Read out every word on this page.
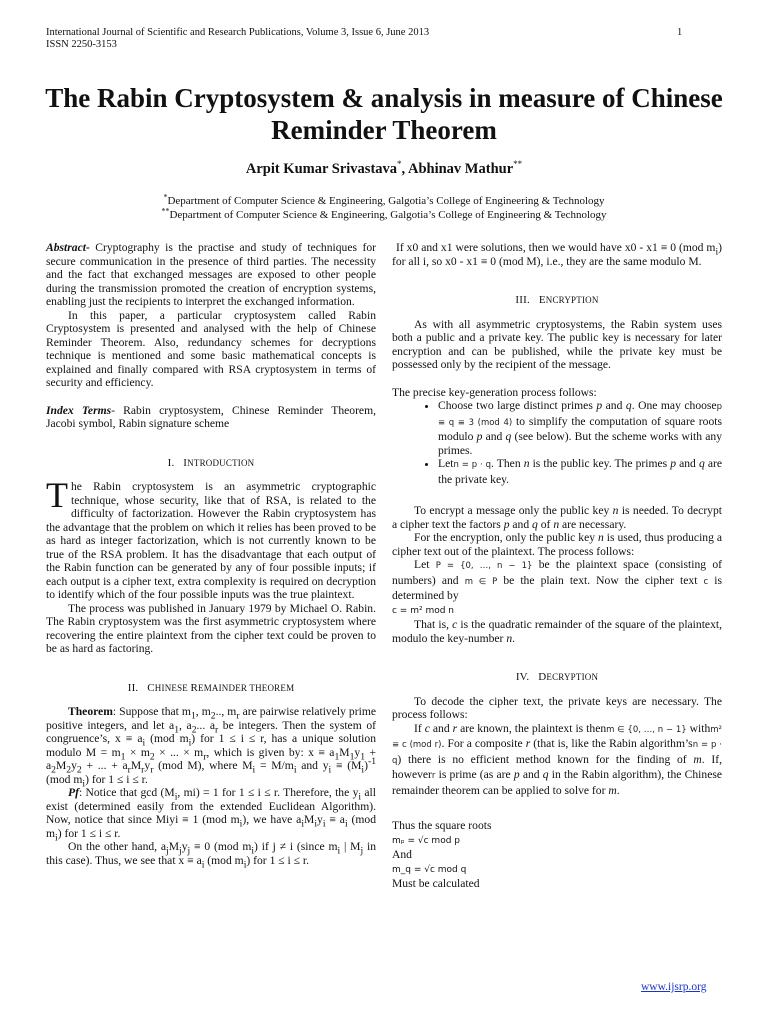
International Journal of Scientific and Research Publications, Volume 3, Issue 6, June 2013
ISSN 2250-3153
1
The Rabin Cryptosystem & analysis in measure of Chinese Reminder Theorem
Arpit Kumar Srivastava*, Abhinav Mathur**
*Department of Computer Science & Engineering, Galgotia’s College of Engineering & Technology
**Department of Computer Science & Engineering, Galgotia’s College of Engineering & Technology

Abstract- Cryptography is the practise and study of techniques for secure communication in the presence of third parties. The necessity and the fact that exchanged messages are exposed to other people during the transmission promoted the creation of encryption systems, enabling just the recipients to interpret the exchanged information.

In this paper, a particular cryptosystem called Rabin Cryptosystem is presented and analysed with the help of Chinese Reminder Theorem. Also, redundancy schemes for decryptions technique is mentioned and some basic mathematical concepts is explained and finally compared with RSA cryptosystem in terms of security and efficiency.

Index Terms- Rabin cryptosystem, Chinese Reminder Theorem, Jacobi symbol, Rabin signature scheme

I. INTRODUCTION

The Rabin cryptosystem is an asymmetric cryptographic technique, whose security, like that of RSA, is related to the difficulty of factorization. However the Rabin cryptosystem has the advantage that the problem on which it relies has been proved to be as hard as integer factorization, which is not currently known to be true of the RSA problem. It has the disadvantage that each output of the Rabin function can be generated by any of four possible inputs; if each output is a cipher text, extra complexity is required on decryption to identify which of the four possible inputs was the true plaintext.

The process was published in January 1979 by Michael O. Rabin. The Rabin cryptosystem was the first asymmetric cryptosystem where recovering the entire plaintext from the cipher text could be proven to be as hard as factoring.

II. CHINESE REMAINDER THEOREM

Theorem: Suppose that $m_1$, $m_2$.., $m_r$ are pairwise relatively prime positive integers, and let $a_1$, $a_2$... $a_r$ be integers. Then the system of congruence’s, $x \equiv a_i$ (mod $m_i$) for 1 ≤ i ≤ r, has a unique solution modulo $M = m_1 \times m_2$ × ... × $m_r$, which is given by: $x \equiv a_1M_1y_1 + a_2M_2y_2$ + ... + $a_rM_ry_r$ (mod M), where $M_i = M/m_i$ and $y_i \equiv (M_i)^{-1}$ (mod $m_i$) for 1 ≤ i ≤ r.

Pf: Notice that $\gcd (M_i$, mi) = 1 for 1 ≤ i ≤ r. Therefore, the $y_i$ all exist (determined easily from the extended Euclidean Algorithm). Now, notice that since Miyi ≡ 1 (mod $m_i$), we have $a_iM_iy_i \equiv a_i$ (mod $m_i$) for 1 ≤ i ≤ r.

On the other hand, $a_jM_jy_j \equiv 0$ (mod $m_i$) if j ≠ i (since $m_i$ | $M_j$ in this case). Thus, we see that $x \equiv a_i$ (mod $m_i$) for 1 ≤ i ≤ r.

If x0 and x1 were solutions, then we would have x0 - x1 ≡ 0 (mod $m_i$) for all i, so x0 - x1 ≡ 0 (mod M), i.e., they are the same modulo M.

III. ENCRYPTION

As with all asymmetric cryptosystems, the Rabin system uses both a public and a private key. The public key is necessary for later encryption and can be published, while the private key must be possessed only by the recipient of the message.

The precise key-generation process follows:

• Choose two large distinct primes p and q. One may choosep ≡ q ≡ 3 (mod 4) to simplify the computation of square roots modulo p and q (see below). But the scheme works with any primes.
• Letn = p · q. Then n is the public key. The primes p and q are the private key.

To encrypt a message only the public key n is needed. To decrypt a cipher text the factors p and q of n are necessary.

For the encryption, only the public key n is used, thus producing a cipher text out of the plaintext. The process follows:

Let P = {0, …, n − 1} be the plaintext space (consisting of numbers) and m ∈ P be the plain text. Now the cipher text c is determined by

c = m² mod n

That is, c is the quadratic remainder of the square of the plaintext, modulo the key-number n.

IV. DECRYPTION

To decode the cipher text, the private keys are necessary. The process follows:

If c and r are known, the plaintext is thenm ∈ {0, …, n − 1} withm² ≡ c (mod r). For a composite r (that is, like the Rabin algorithm’sn = p · q) there is no efficient method known for the finding of m. If, howeverr is prime (as are p and q in the Rabin algorithm), the Chinese remainder theorem can be applied to solve for m.

Thus the square roots

mₚ = √c mod p

And

m_q = √c mod q

Must be calculated

www.ijsrp.org
